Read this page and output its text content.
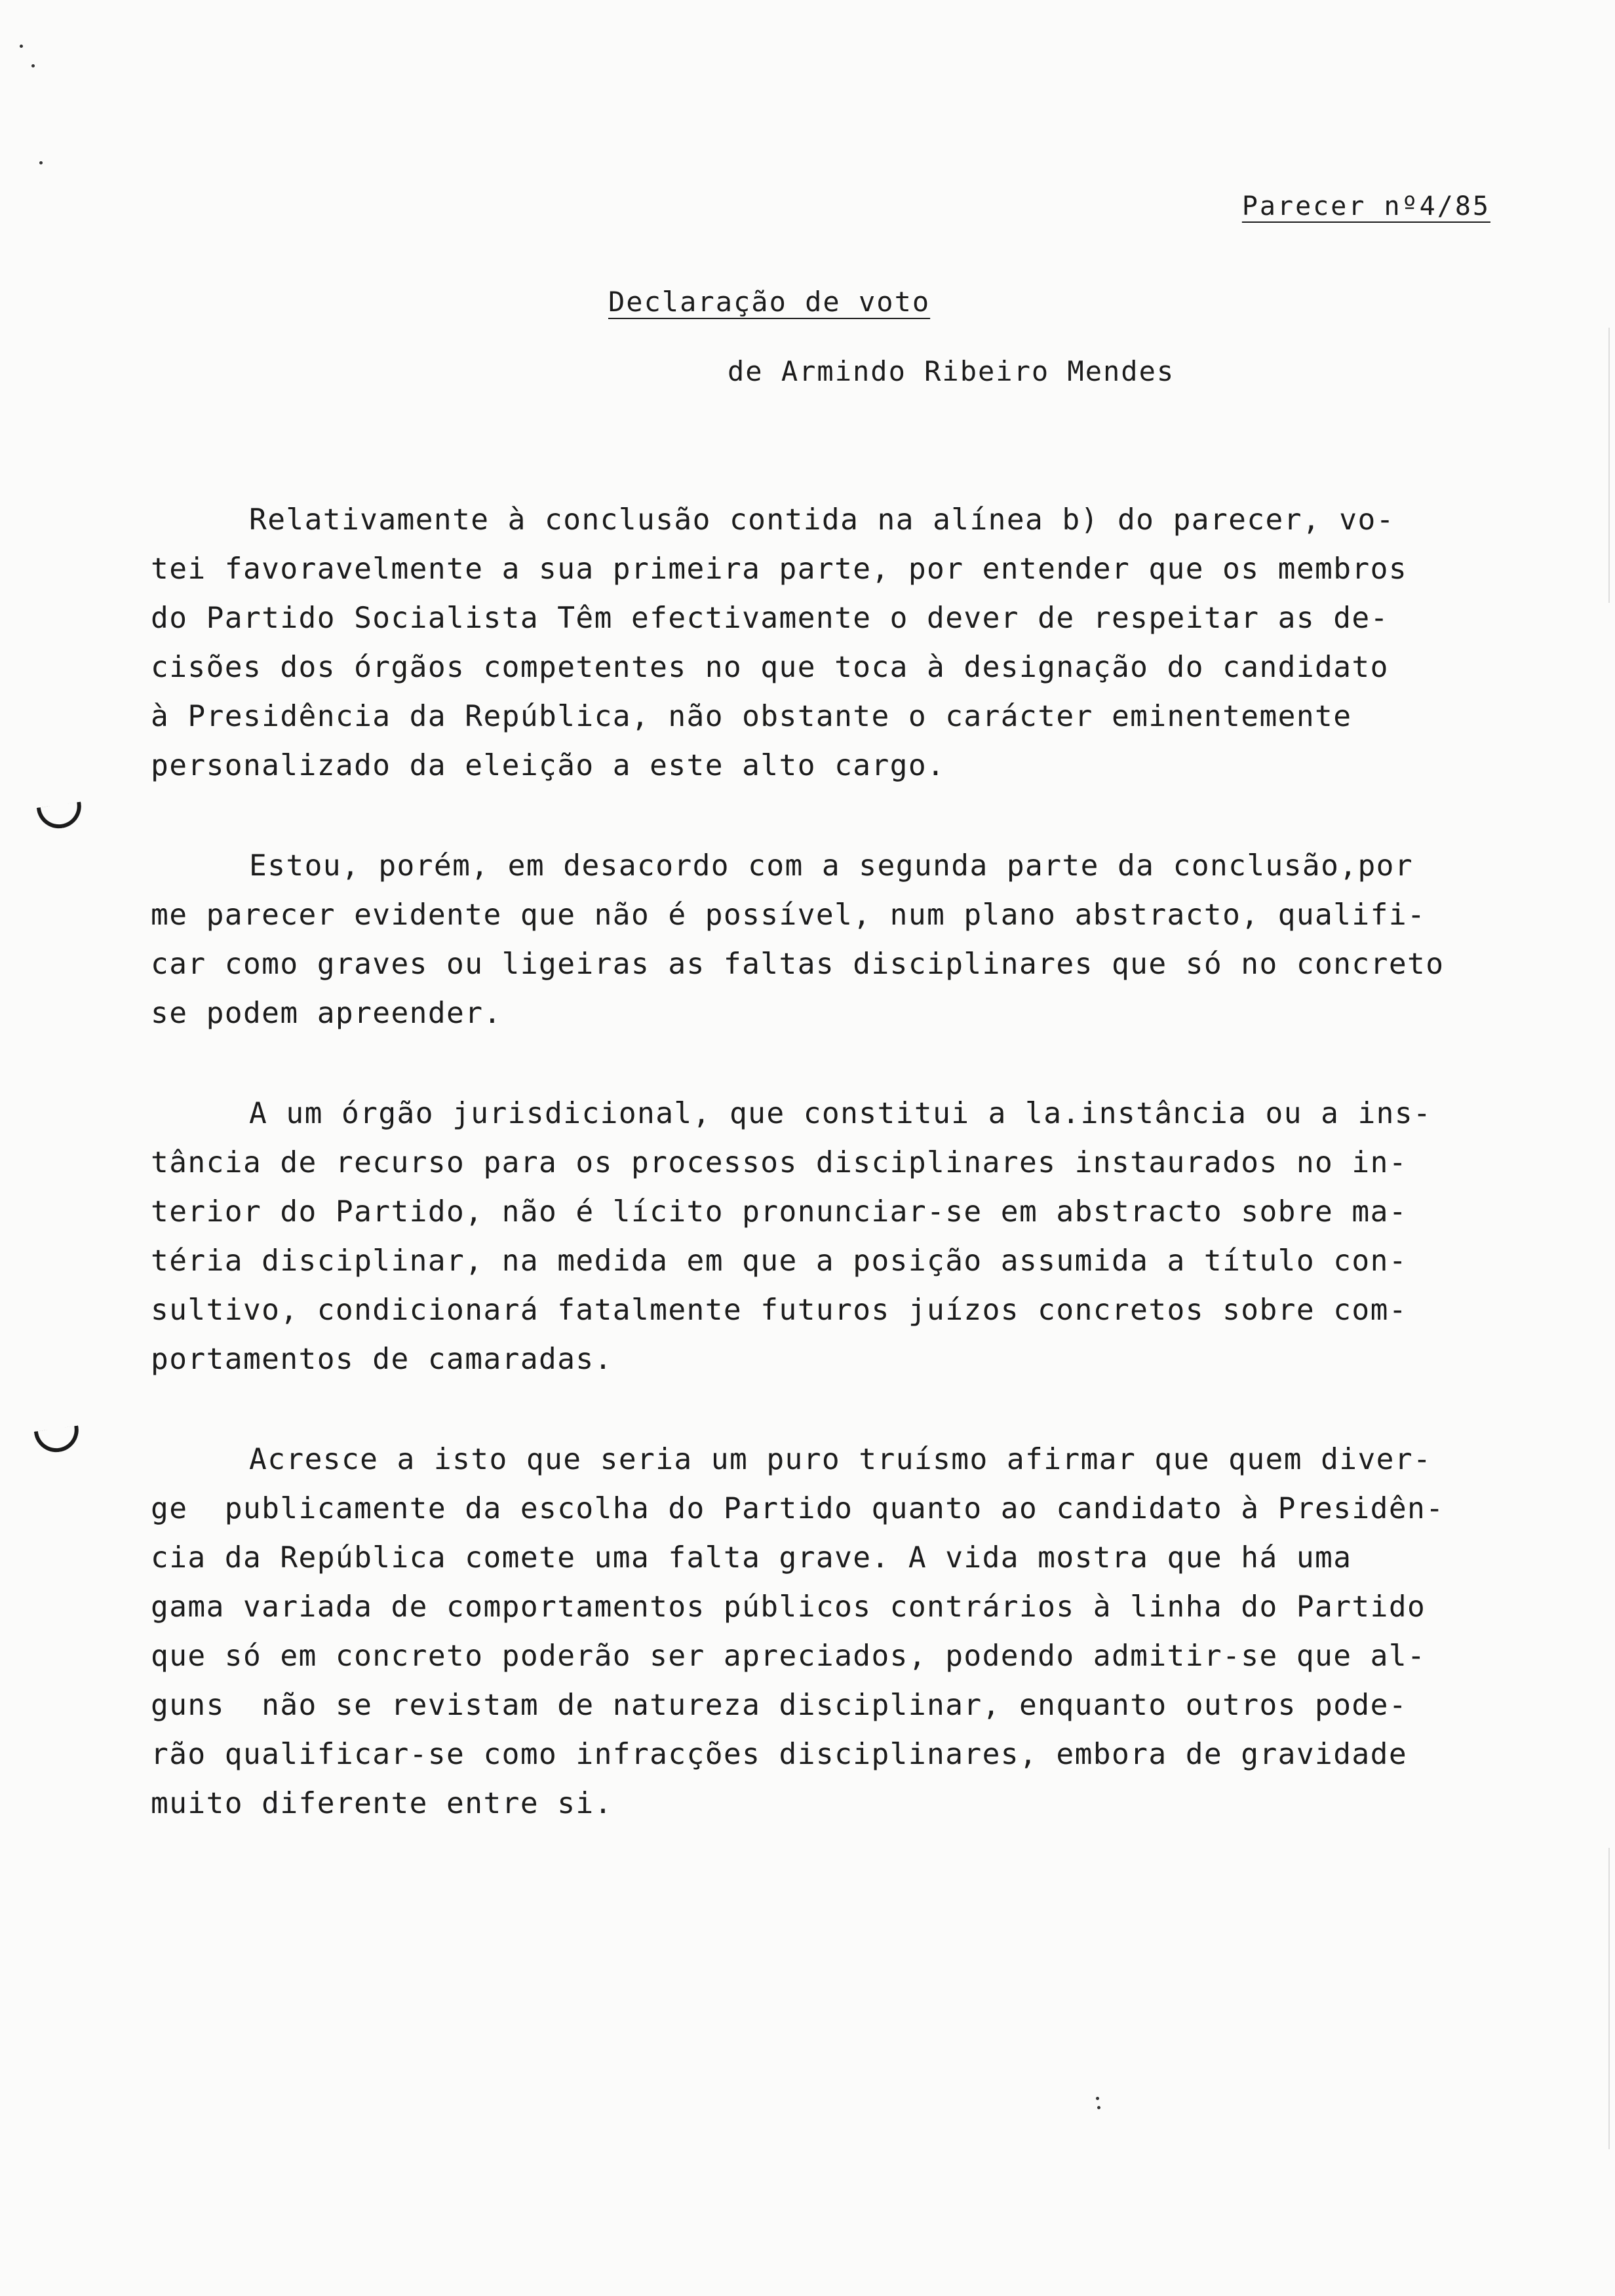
Parecer nº4/85
Declaração de voto
de Armindo Ribeiro Mendes
Relativamente à conclusão contida na alínea b) do parecer, vo-
tei favoravelmente a sua primeira parte, por entender que os membros
do Partido Socialista Têm efectivamente o dever de respeitar as de-
cisões dos órgãos competentes no que toca à designação do candidato
à Presidência da República, não obstante o carácter eminentemente
personalizado da eleição a este alto cargo.
Estou, porém, em desacordo com a segunda parte da conclusão,por
me parecer evidente que não é possível, num plano abstracto, qualifi-
car como graves ou ligeiras as faltas disciplinares que só no concreto
se podem apreender.
A um órgão jurisdicional, que constitui a la.instância ou a ins-
tância de recurso para os processos disciplinares instaurados no in-
terior do Partido, não é lícito pronunciar-se em abstracto sobre ma-
téria disciplinar, na medida em que a posição assumida a título con-
sultivo, condicionará fatalmente futuros juízos concretos sobre com-
portamentos de camaradas.
Acresce a isto que seria um puro truísmo afirmar que quem diver-
ge  publicamente da escolha do Partido quanto ao candidato à Presidên-
cia da República comete uma falta grave. A vida mostra que há uma
gama variada de comportamentos públicos contrários à linha do Partido
que só em concreto poderão ser apreciados, podendo admitir-se que al-
guns  não se revistam de natureza disciplinar, enquanto outros pode-
rão qualificar-se como infracções disciplinares, embora de gravidade
muito diferente entre si.
